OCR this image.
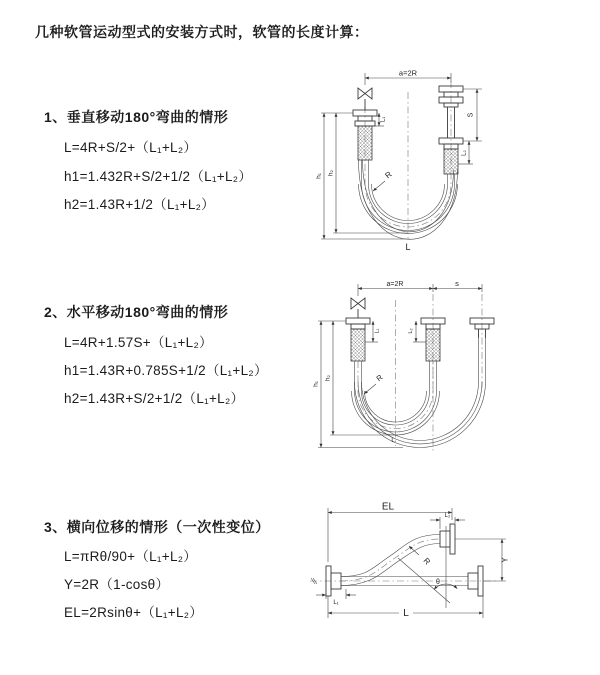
几种软管运动型式的安装方式时，软管的长度计算：
1、垂直移动180°弯曲的情形
L=4R+S/2+（L₁+L₂）
h1=1.432R+S/2+1/2（L₁+L₂）
h2=1.43R+1/2（L₁+L₂）
2、水平移动180°弯曲的情形
L=4R+1.57S+（L₁+L₂）
h1=1.43R+0.785S+1/2（L₁+L₂）
h2=1.43R+S/2+1/2（L₁+L₂）
3、横向位移的情形（一次性变位）
L=πRθ/90+（L₁+L₂）
Y=2R（1-cosθ）
EL=2Rsinθ+（L₁+L₂）
a=2R
h₁ h₂
L₁
S
L₂
R
L
a=2R	s
h₁
h₂
L₁	L₂
R
L
EL
L₂
Y
θ
R
L₁
L
